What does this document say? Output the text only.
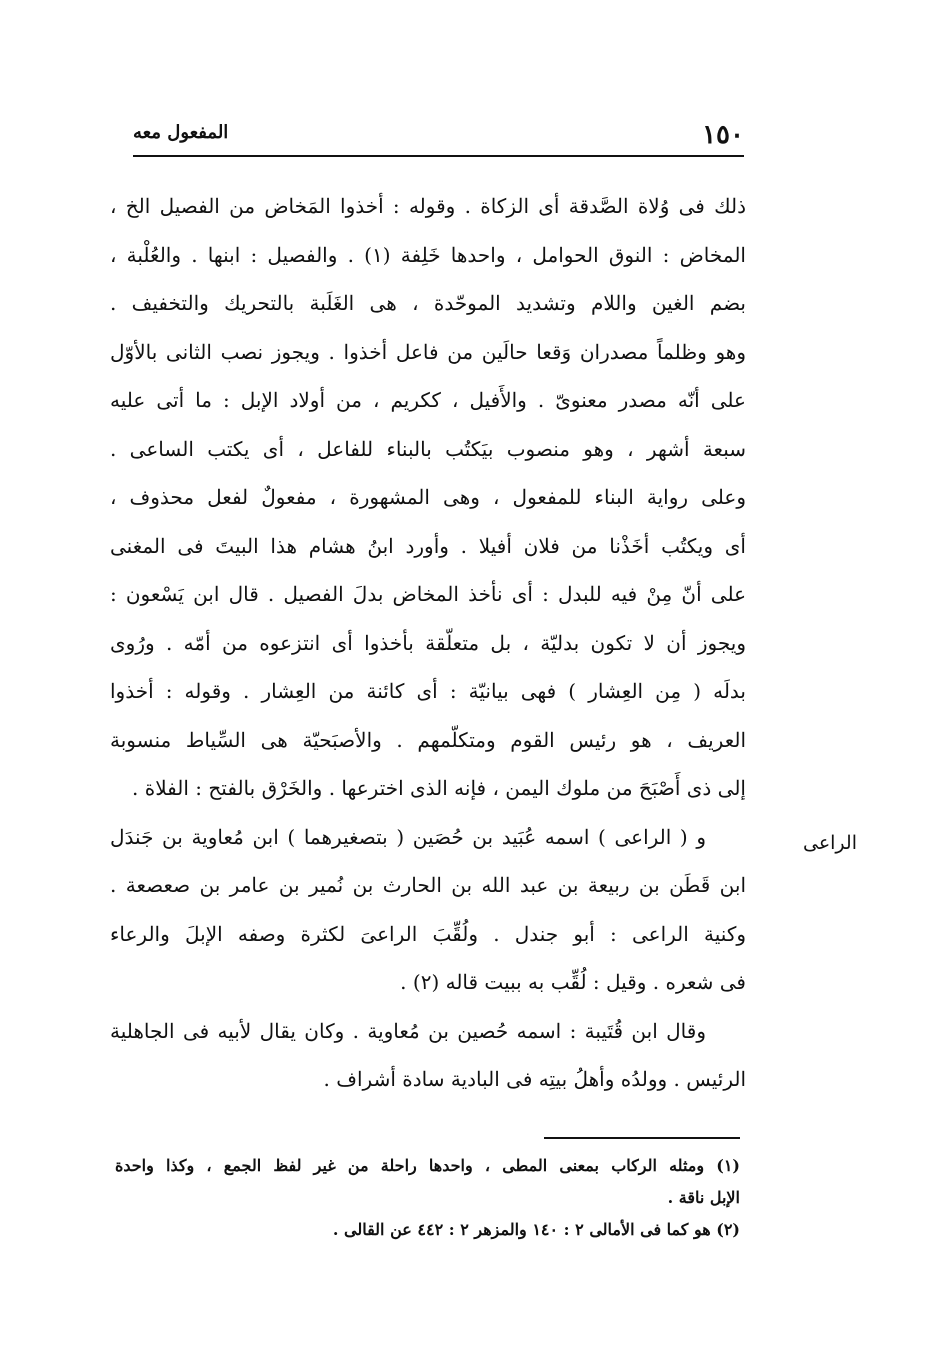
١٥٠
المفعول معه
ذلك فى وُلاة الصَّدقة أى الزكاة . وقوله : أخذوا المَخاض من الفصيل الخ ،
المخاض : النوق الحوامل ، واحدها خَلِفة (١) . والفصيل : ابنها . والعُلْبة ،
بضم الغين واللام وتشديد الموحّدة ، هى الغَلَبة بالتحريك والتخفيف .
وهو وظلماً مصدران وَقعا حالَين من فاعل أخذوا . ويجوز نصب الثانى بالأوّل
على أنّه مصدر معنوىّ . والأَفيل ، ككريم ، من أولاد الإبل : ما أتى عليه
سبعة أشهر ، وهو منصوب بيَكتُب بالبناء للفاعل ، أى يكتب الساعى .
وعلى رواية البناء للمفعول ، وهى المشهورة ، مفعولٌ لفعل محذوف ،
أى ويكتُب أخَذْنا من فلان أفيلا . وأورد ابنُ هشام هذا البيتَ فى المغنى
على أنّ مِنْ فيه للبدل : أى نأخذ المخاض بدلَ الفصيل . قال ابن يَسْعون :
ويجوز أن لا تكون بدليّة ، بل متعلّقة بأخذوا أى انتزعوه من أمّه . ورُوى
بدلَه ( مِن العِشار ) فهى بيانيّة : أى كائنة من العِشار . وقوله : أخذوا
العريف ، هو رئيس القوم ومتكلّمهم . والأصبَحيّة هى السِّياط منسوبة
إلى ذى أَصْبَحَ من ملوك اليمن ، فإنه الذى اخترعها . والخَرْق بالفتح : الفلاة .
و ( الراعى ) اسمه عُبَيد بن حُصَين ( بتصغيرهما ) ابن مُعاوية بن جَندَل
ابن قَطَن بن ربيعة بن عبد الله بن الحارث بن نُمير بن عامر بن صعصعة .
وكنية الراعى : أبو جندل . ولُقِّبَ الراعىَ لكثرة وصفه الإبلَ والرعاء
فى شعره . وقيل : لُقِّب به ببيت قاله (٢) .
وقال ابن قُتَيبة : اسمه حُصين بن مُعاوية . وكان يقال لأبيه فى الجاهلية
الرئيس . وولدُه وأهلُ بيتِه فى البادية سادة أشراف .
الراعى
(١) ومثله الركاب بمعنى المطى ، واحدها راحلة من غير لفظ الجمع ، وكذا واحدة
الإبل ناقة .
(٢) هو كما فى الأمالى ٢ : ١٤٠ والمزهر ٢ : ٤٤٢ عن القالى .
